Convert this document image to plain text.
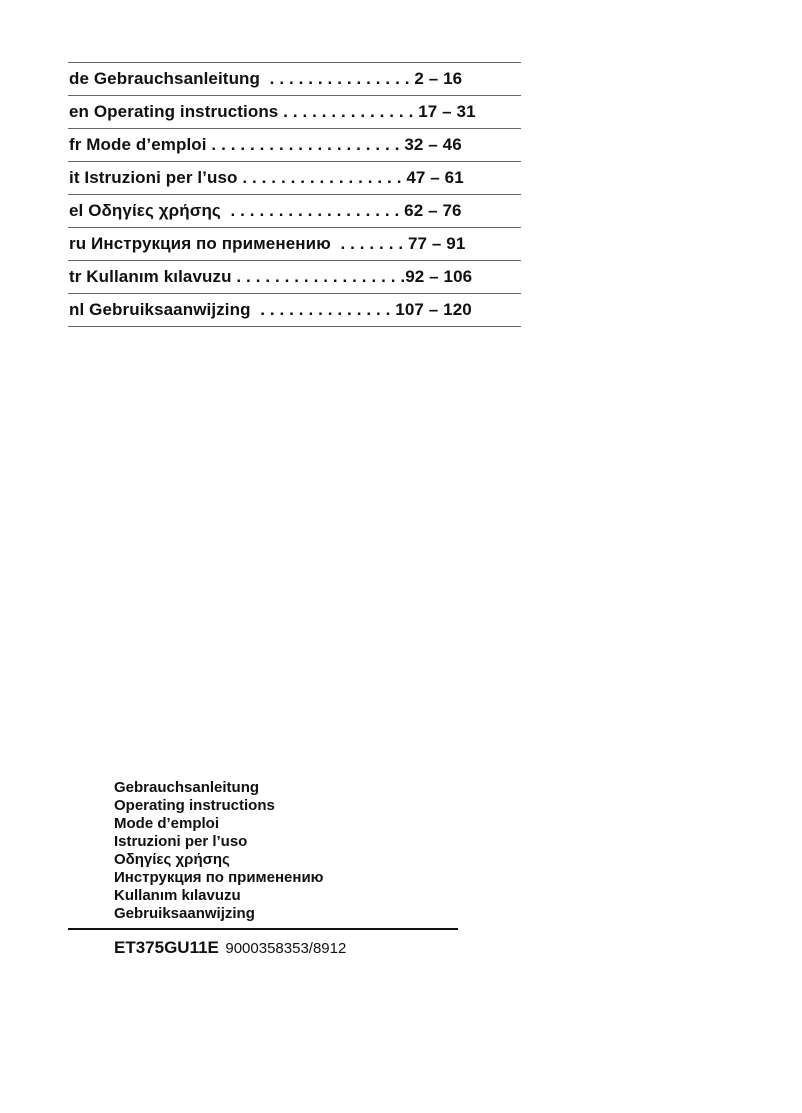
de Gebrauchsanleitung  . . . . . . . . . . . . . . . 2 – 16
en Operating instructions . . . . . . . . . . . . . . 17 – 31
fr Mode d’emploi . . . . . . . . . . . . . . . . . . . . 32 – 46
it Istruzioni per l’uso . . . . . . . . . . . . . . . . . 47 – 61
el Οδηγίες χρήσης  . . . . . . . . . . . . . . . . . . 62 – 76
ru Инструкция по применению  . . . . . . . 77 – 91
tr Kullanım kılavuzu . . . . . . . . . . . . . . . . . .92 – 106
nl Gebruiksaanwijzing  . . . . . . . . . . . . . . 107 – 120
Gebrauchsanleitung
Operating instructions
Mode d’emploi
Istruzioni per l’uso
Οδηγίες χρήσης
Инструкция по применению
Kullanım kılavuzu
Gebruiksaanwijzing
ET375GU11E 9000358353/8912
